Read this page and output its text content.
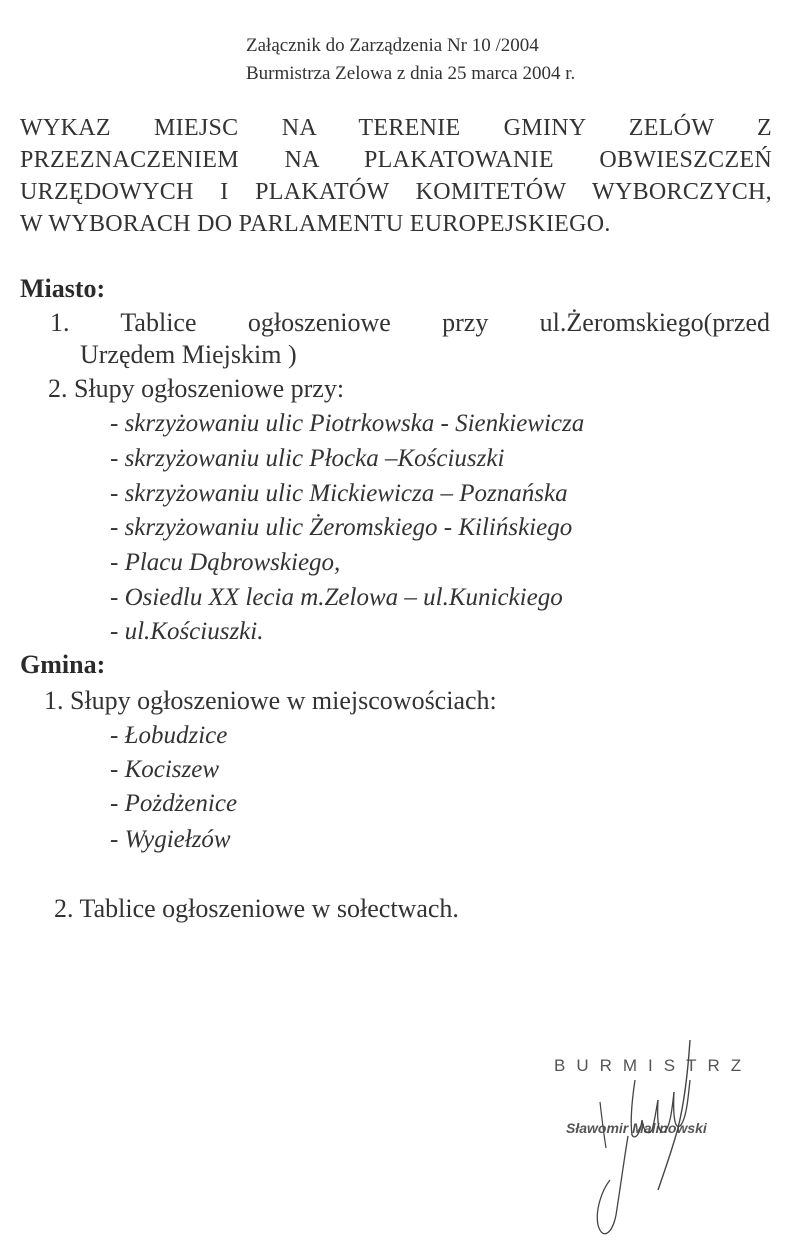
Załącznik do Zarządzenia Nr 10 /2004
Burmistrza Zelowa z dnia 25 marca 2004 r.
WYKAZ MIEJSC NA TERENIE GMINY ZELÓW Z
PRZEZNACZENIEM NA PLAKATOWANIE OBWIESZCZEŃ
URZĘDOWYCH I PLAKATÓW KOMITETÓW WYBORCZYCH,
W WYBORACH DO PARLAMENTU EUROPEJSKIEGO.
Miasto:
1. Tablice ogłoszeniowe przy ul.Żeromskiego(przed
Urzędem Miejskim )
2. Słupy ogłoszeniowe przy:
- skrzyżowaniu ulic Piotrkowska - Sienkiewicza
- skrzyżowaniu ulic Płocka –Kościuszki
- skrzyżowaniu ulic Mickiewicza – Poznańska
- skrzyżowaniu ulic Żeromskiego - Kilińskiego
- Placu Dąbrowskiego,
- Osiedlu XX lecia m.Zelowa – ul.Kunickiego
- ul.Kościuszki.
Gmina:
1. Słupy ogłoszeniowe w miejscowościach:
- Łobudzice
- Kociszew
- Pożdżenice
- Wygiełzów
2. Tablice ogłoszeniowe w sołectwach.
BURMISTRZ
Sławomir Malinowski
